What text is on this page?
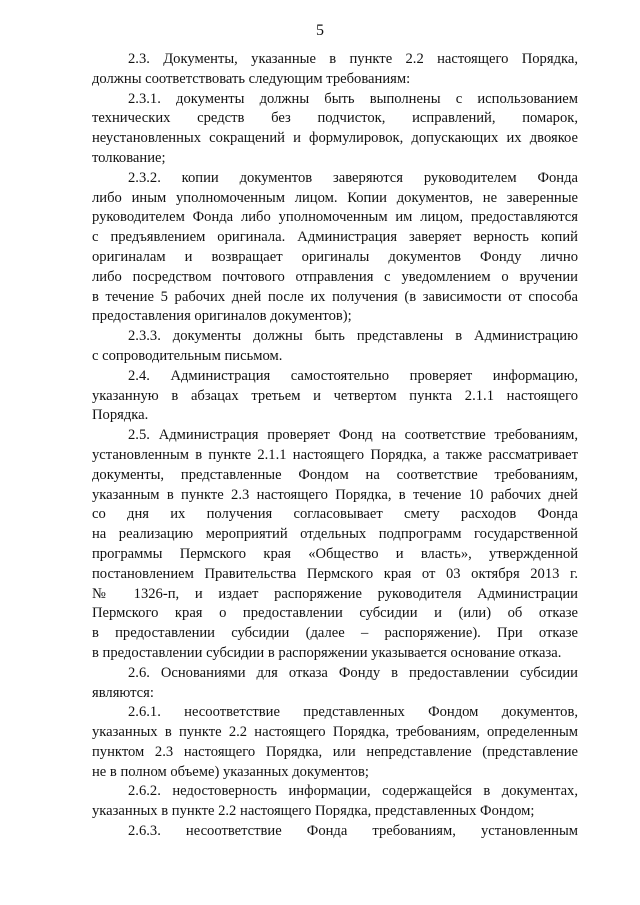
5
2.3. Документы, указанные в пункте 2.2 настоящего Порядка,
должны соответствовать следующим требованиям:
2.3.1. документы должны быть выполнены с использованием
технических средств без подчисток, исправлений, помарок,
неустановленных сокращений и формулировок, допускающих их двоякое
толкование;
2.3.2. копии документов заверяются руководителем Фонда
либо иным уполномоченным лицом. Копии документов, не заверенные
руководителем Фонда либо уполномоченным им лицом, предоставляются
с предъявлением оригинала. Администрация заверяет верность копий
оригиналам и возвращает оригиналы документов Фонду лично
либо посредством почтового отправления с уведомлением о вручении
в течение 5 рабочих дней после их получения (в зависимости от способа
предоставления оригиналов документов);
2.3.3. документы должны быть представлены в Администрацию
с сопроводительным письмом.
2.4. Администрация самостоятельно проверяет информацию,
указанную в абзацах третьем и четвертом пункта 2.1.1 настоящего
Порядка.
2.5. Администрация проверяет Фонд на соответствие требованиям,
установленным в пункте 2.1.1 настоящего Порядка, а также рассматривает
документы, представленные Фондом на соответствие требованиям,
указанным в пункте 2.3 настоящего Порядка, в течение 10 рабочих дней
со дня их получения согласовывает смету расходов Фонда
на реализацию мероприятий отдельных подпрограмм государственной
программы Пермского края «Общество и власть», утвержденной
постановлением Правительства Пермского края от 03 октября 2013 г.
№ 1326-п, и издает распоряжение руководителя Администрации
Пермского края о предоставлении субсидии и (или) об отказе
в предоставлении субсидии (далее – распоряжение). При отказе
в предоставлении субсидии в распоряжении указывается основание отказа.
2.6. Основаниями для отказа Фонду в предоставлении субсидии
являются:
2.6.1. несоответствие представленных Фондом документов,
указанных в пункте 2.2 настоящего Порядка, требованиям, определенным
пунктом 2.3 настоящего Порядка, или непредставление (представление
не в полном объеме) указанных документов;
2.6.2. недостоверность информации, содержащейся в документах,
указанных в пункте 2.2 настоящего Порядка, представленных Фондом;
2.6.3. несоответствие Фонда требованиям, установленным
